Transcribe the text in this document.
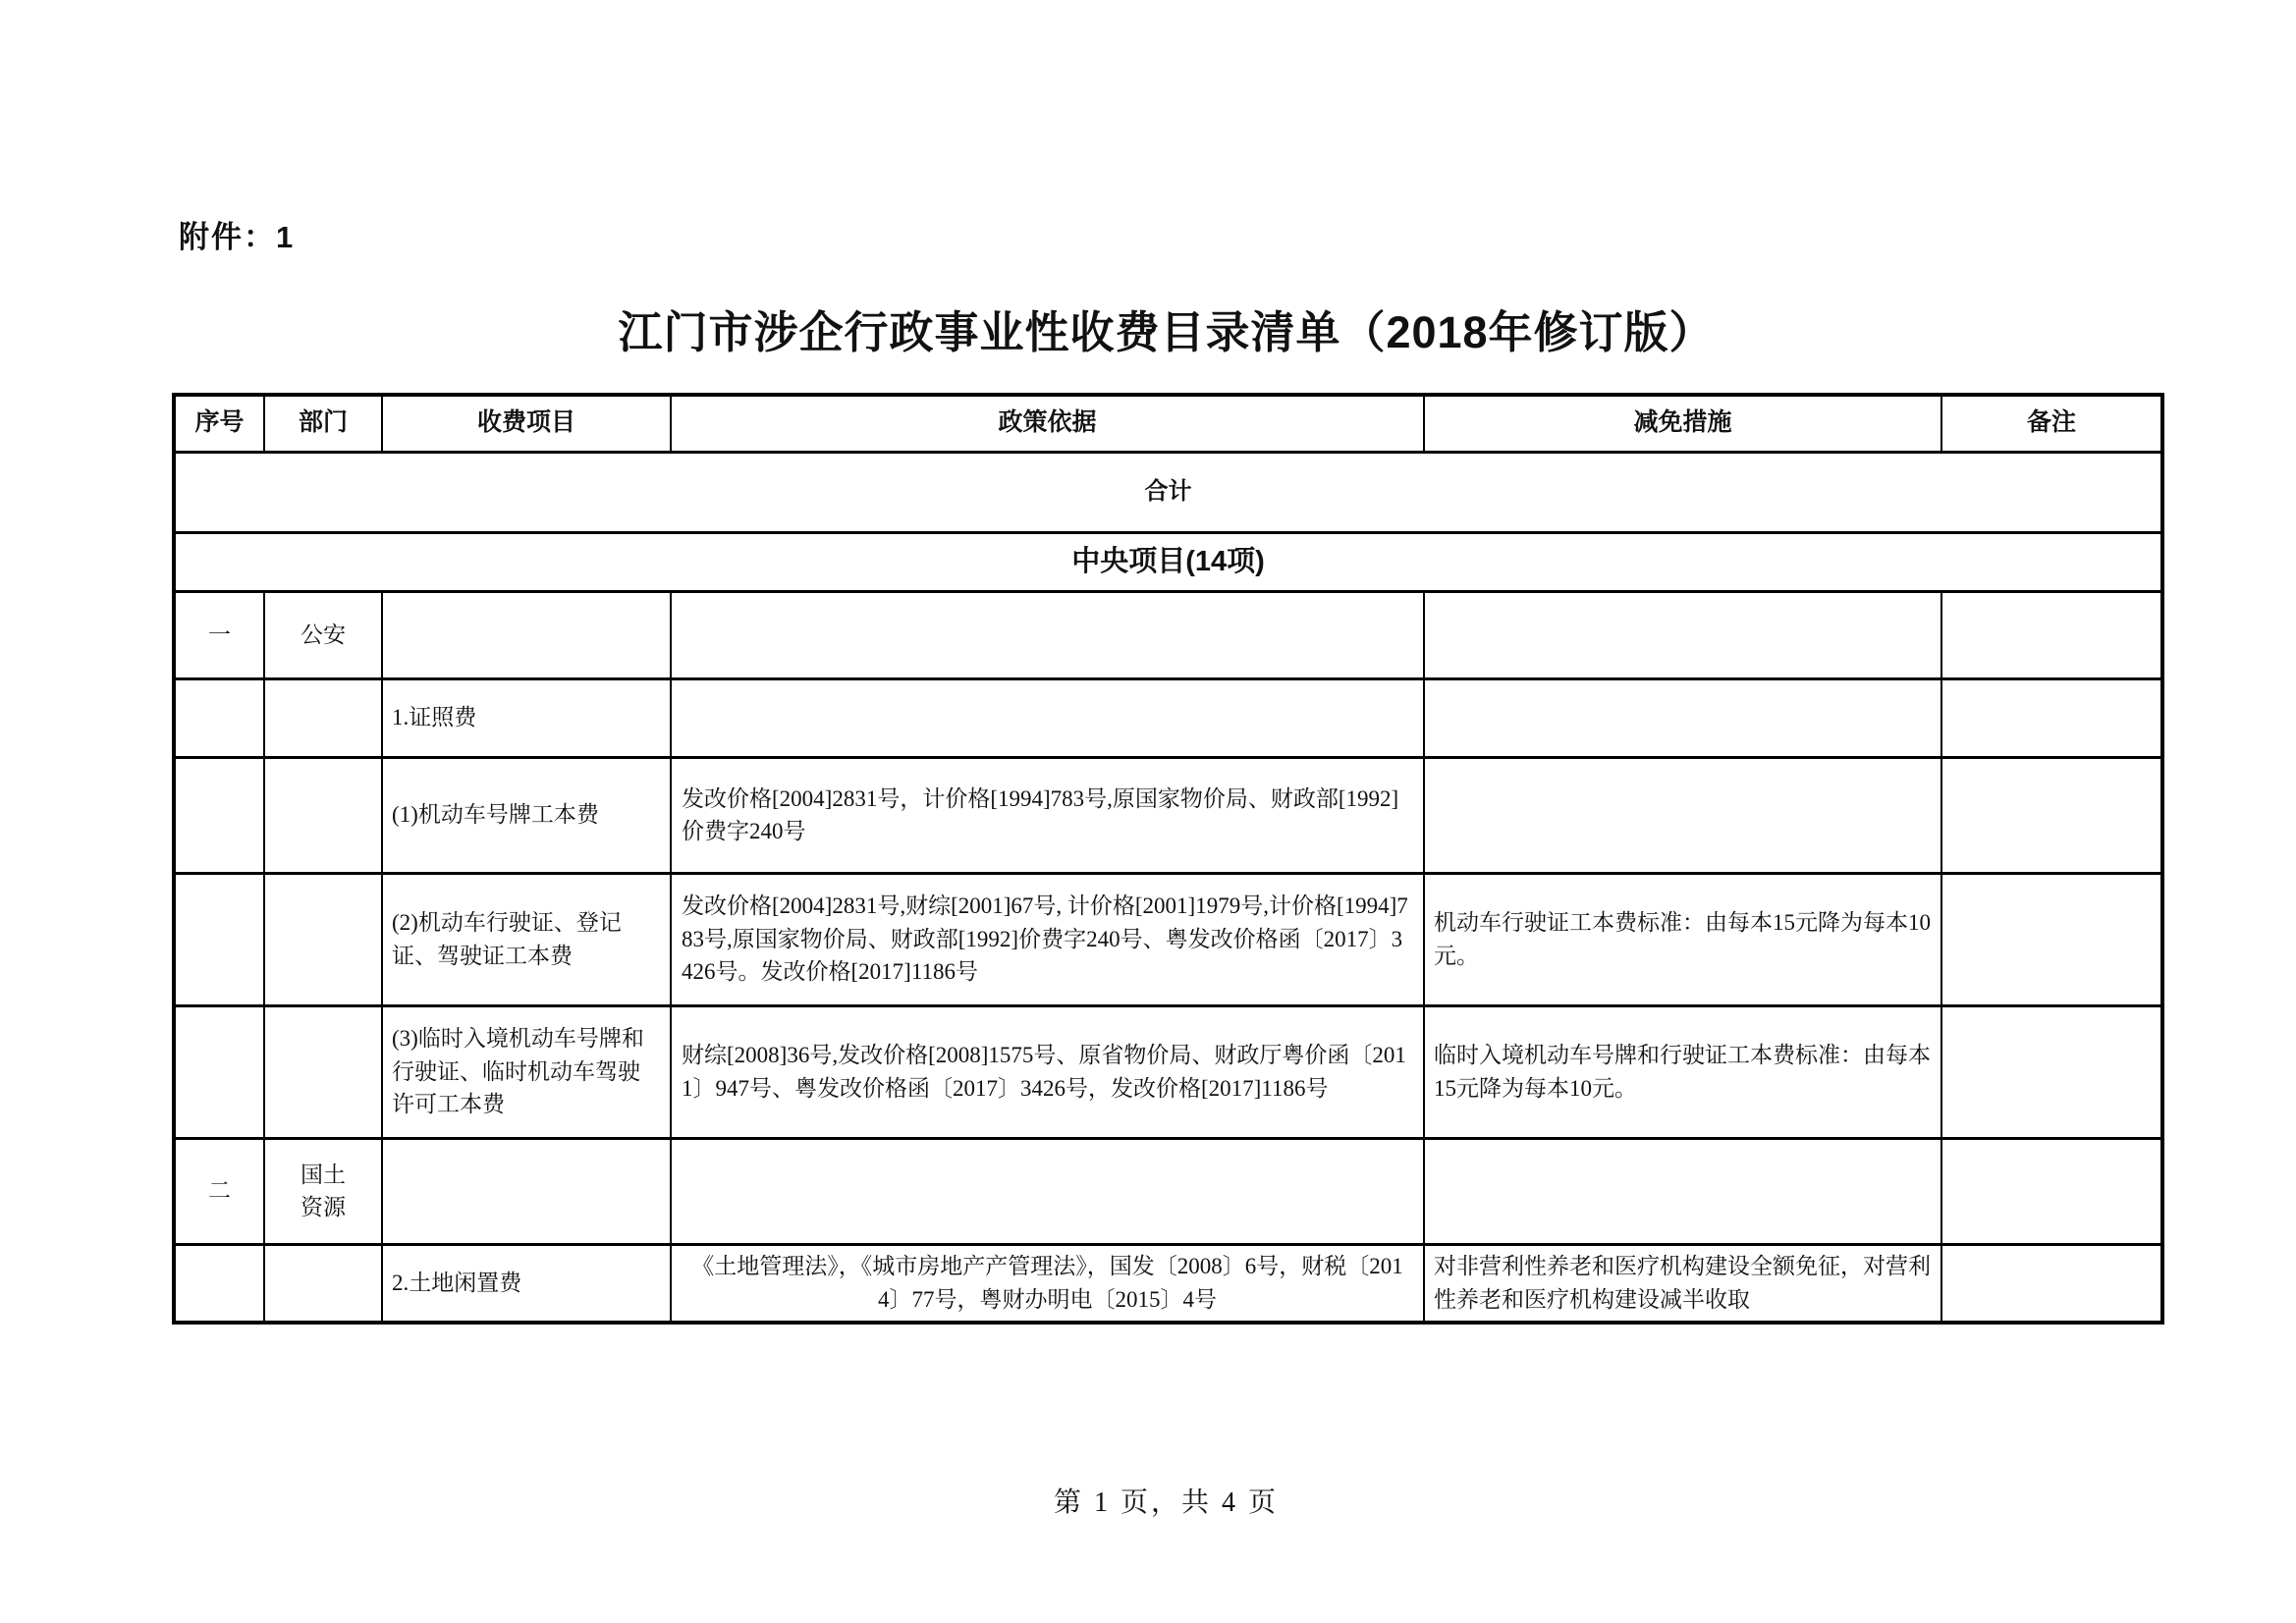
附件：1
江门市涉企行政事业性收费目录清单（2018年修订版）
序号	部门	收费项目	政策依据	减免措施	备注
合计					
中央项目(14项)					
一	公安				
		1.证照费			
		(1)机动车号牌工本费	发改价格[2004]2831号，计价格[1994]783号,原国家物价局、财政部[1992]价费字240号		
		(2)机动车行驶证、登记证、驾驶证工本费	发改价格[2004]2831号,财综[2001]67号, 计价格[2001]1979号,计价格[1994]783号,原国家物价局、财政部[1992]价费字240号、粤发改价格函〔2017〕3426号。发改价格[2017]1186号	机动车行驶证工本费标准：由每本15元降为每本10元。	
		(3)临时入境机动车号牌和行驶证、临时机动车驾驶许可工本费	财综[2008]36号,发改价格[2008]1575号、原省物价局、财政厅粤价函〔2011〕947号、粤发改价格函〔2017〕3426号，发改价格[2017]1186号	临时入境机动车号牌和行驶证工本费标准：由每本15元降为每本10元。	
二	国土资源				
		2.土地闲置费	《土地管理法》，《城市房地产产管理法》，国发〔2008〕6号，财税〔2014〕77号，粤财办明电〔2015〕4号	对非营利性养老和医疗机构建设全额免征，对营利性养老和医疗机构建设减半收取	
第 1 页，共 4 页
